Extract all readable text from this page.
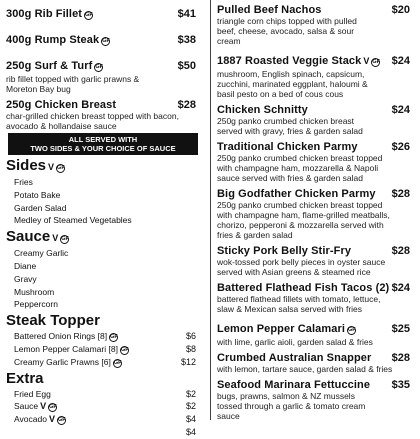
300g Rib Fillet GF	$41
400g Rump Steak GF	$38
250g Surf & Turf GF	$50
rib fillet topped with garlic prawns & Moreton Bay bug
250g Chicken Breast	$28
char-grilled chicken breast topped with bacon, avocado & hollandaise sauce
ALL SERVED WITH
TWO SIDES & YOUR CHOICE OF SAUCE
Sides V GF
Fries
Potato Bake
Garden Salad
Medley of Steamed Vegetables
Sauce V GF
Creamy Garlic
Diane
Gravy
Mushroom
Peppercorn
Steak Topper
Battered Onion Rings [8] GF	$6
Lemon Pepper Calamari [8] GF	$8
Creamy Garlic Prawns [6] GF	$12
Extra
Fried Egg	$2
Sauce V GF	$2
Avocado V GF	$4
$4
Pulled Beef Nachos	$20
triangle corn chips topped with pulled beef, cheese, avocado, salsa & sour cream
1887 Roasted Veggie Stack V GF $24
mushroom, English spinach, capsicum, zucchini, marinated eggplant, haloumi & basil pesto on a bed of cous cous
Chicken Schnitty	$24
250g panko crumbed chicken breast served with gravy, fries & garden salad
Traditional Chicken Parmy	$26
250g panko crumbed chicken breast topped with champagne ham, mozzarella & Napoli sauce served with fries & garden salad
Big Godfather Chicken Parmy $28
250g panko crumbed chicken breast topped with champagne ham, flame-grilled meatballs, chorizo, pepperoni & mozzarella served with fries & garden salad
Sticky Pork Belly Stir-Fry	$28
wok-tossed pork belly pieces in oyster sauce served with Asian greens & steamed rice
Battered Flathead Fish Tacos (2) $24
battered flathead fillets with tomato, lettuce, slaw & Mexican salsa served with fries
Lemon Pepper Calamari GF	$25
with lime, garlic aioli, garden salad & fries
Crumbed Australian Snapper $28
with lemon, tartare sauce, garden salad & fries
Seafood Marinara Fettuccine $35
bugs, prawns, salmon & NZ mussels tossed through a garlic & tomato cream sauce
